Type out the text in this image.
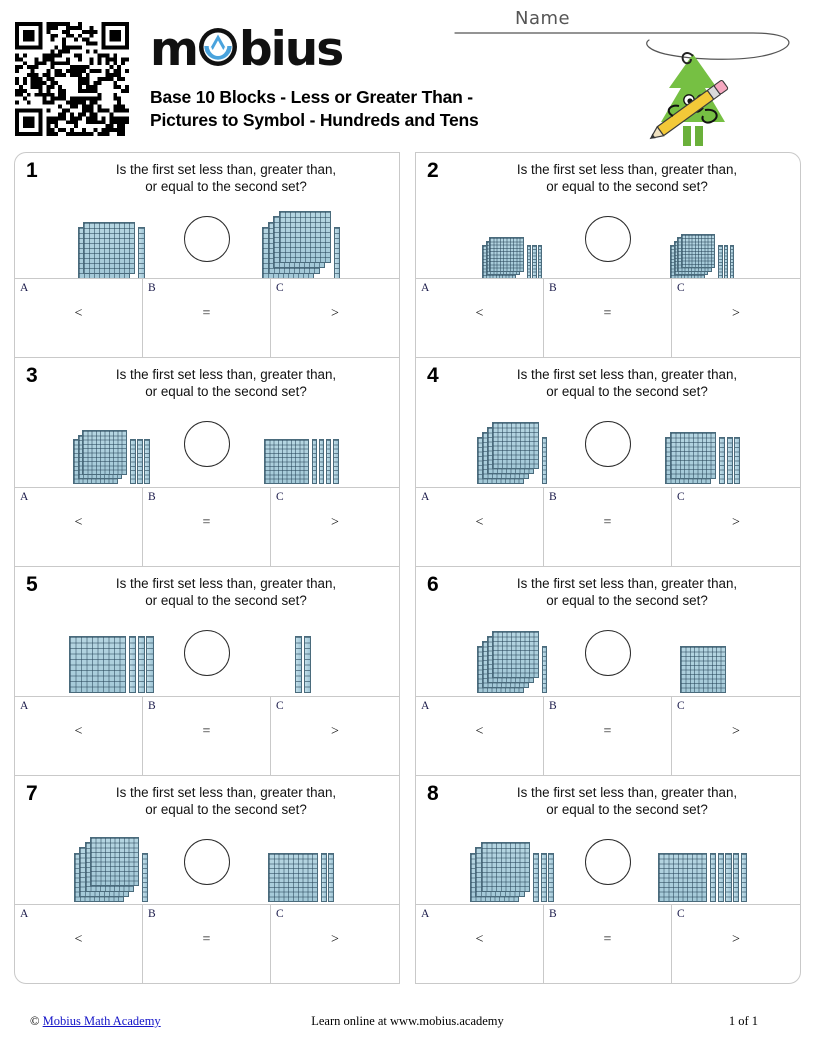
m bius
Base 10 Blocks - Less or Greater Than -
Pictures to Symbol - Hundreds and Tens
Name
1	Is the first set less than, greater than,
or equal to the second set?
A
<
B
=
C
>
2	Is the first set less than, greater than,
or equal to the second set?
A
<
B
=
C
>
3	Is the first set less than, greater than,
or equal to the second set?
A
<
B
=
C
>
4	Is the first set less than, greater than,
or equal to the second set?
A
<
B
=
C
>
5	Is the first set less than, greater than,
or equal to the second set?
A
<
B
=
C
>
6	Is the first set less than, greater than,
or equal to the second set?
A
<
B
=
C
>
7	Is the first set less than, greater than,
or equal to the second set?
A
<
B
=
C
>
8	Is the first set less than, greater than,
or equal to the second set?
A
<
B
=
C
>
© Mobius Math Academy	Learn online at www.mobius.academy	1 of 1
